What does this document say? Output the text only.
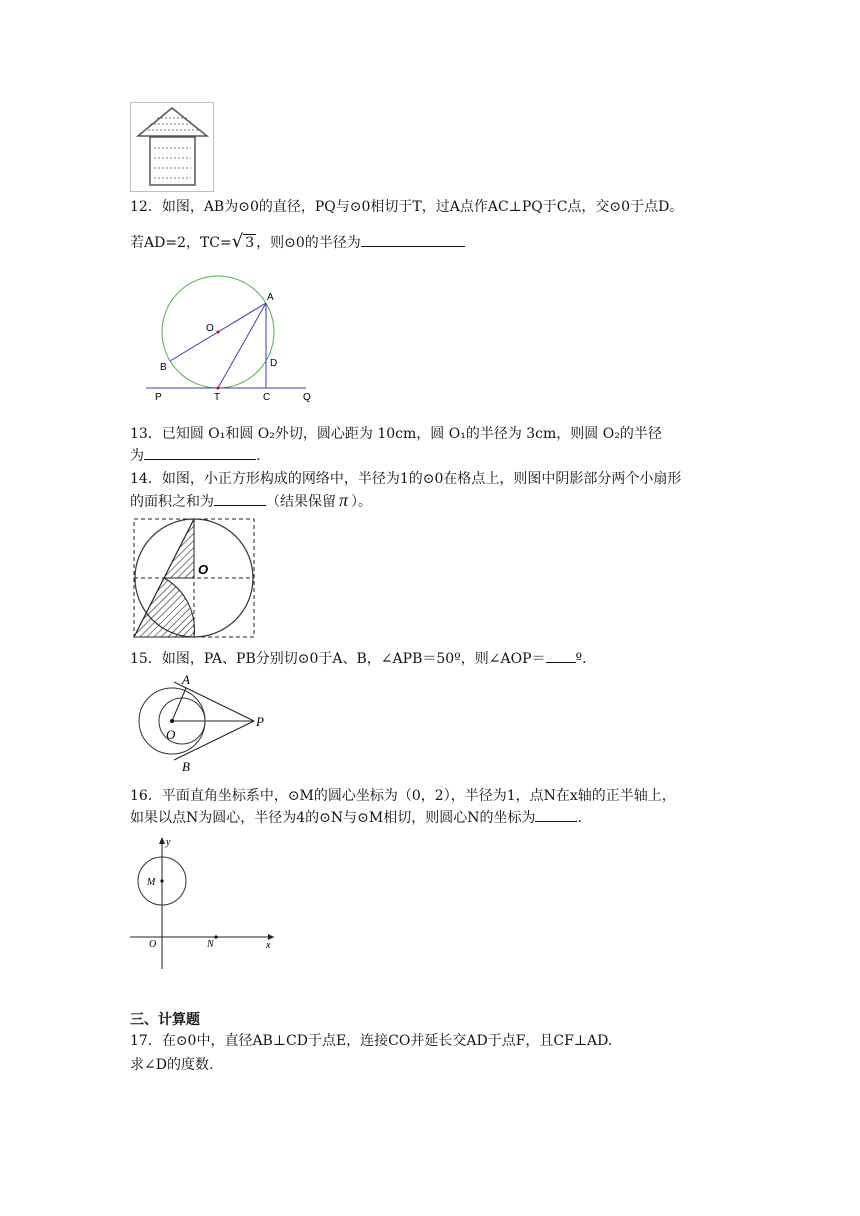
12．如图，AB为⊙0的直径，PQ与⊙0相切于T，过A点作AC⊥PQ于C点，交⊙0于点D。
若AD=2，TC=√ 3 ，则⊙0的半径为
A
O
B	D
P	T	C	Q
13．已知圆 O₁和圆 O₂外切，圆心距为 10cm，圆 O₁的半径为 3cm，则圆 O₂的半径
为	.
14．如图，小正方形构成的网络中，半径为1的⊙0在格点上，则图中阴影部分两个小扇形
的面积之和为	（结果保留 π ）。
O
15．如图，PA、PB分别切⊙0于A、B，∠APB＝50º，则∠AOP＝ º．
A
O
P
B
16．平面直角坐标系中，⊙M的圆心坐标为（0，2），半径为1，点N在x轴的正半轴上，
如果以点N为圆心，半径为4的⊙N与⊙M相切，则圆心N的坐标为	.
y
M
O	N	x
三、计算题
17．在⊙0中，直径AB⊥CD于点E，连接CO并延长交AD于点F，且CF⊥AD.
求∠D的度数.
